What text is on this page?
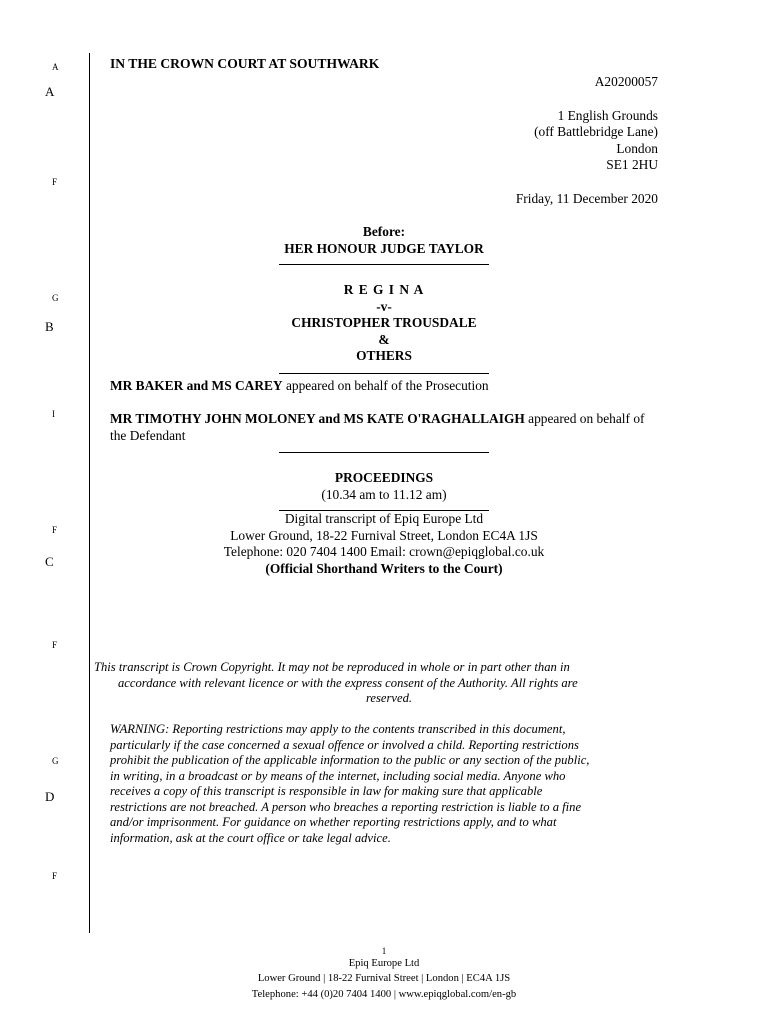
A
A
F
G
B
I
F
C
F
G
D
F
IN THE CROWN COURT AT SOUTHWARK
A20200057
1 English Grounds
(off Battlebridge Lane)
London
SE1 2HU
Friday, 11 December 2020
Before:
HER HONOUR JUDGE TAYLOR
R E G I N A
-v-
CHRISTOPHER TROUSDALE
&
OTHERS
MR BAKER and MS CAREY appeared on behalf of the Prosecution
MR TIMOTHY JOHN MOLONEY and MS KATE O'RAGHALLAIGH appeared on behalf of the Defendant
PROCEEDINGS
(10.34 am to 11.12 am)
Digital transcript of Epiq Europe Ltd
Lower Ground, 18-22 Furnival Street, London EC4A 1JS
Telephone: 020 7404 1400 Email: crown@epiqglobal.co.uk
(Official Shorthand Writers to the Court)
This transcript is Crown Copyright. It may not be reproduced in whole or in part other than in
accordance with relevant licence or with the express consent of the Authority. All rights are
reserved.
WARNING: Reporting restrictions may apply to the contents transcribed in this document,
particularly if the case concerned a sexual offence or involved a child. Reporting restrictions
prohibit the publication of the applicable information to the public or any section of the public,
in writing, in a broadcast or by means of the internet, including social media. Anyone who
receives a copy of this transcript is responsible in law for making sure that applicable
restrictions are not breached. A person who breaches a reporting restriction is liable to a fine
and/or imprisonment. For guidance on whether reporting restrictions apply, and to what
information, ask at the court office or take legal advice.
1
Epiq Europe Ltd
Lower Ground | 18-22 Furnival Street | London | EC4A 1JS
Telephone: +44 (0)20 7404 1400 | www.epiqglobal.com/en-gb
